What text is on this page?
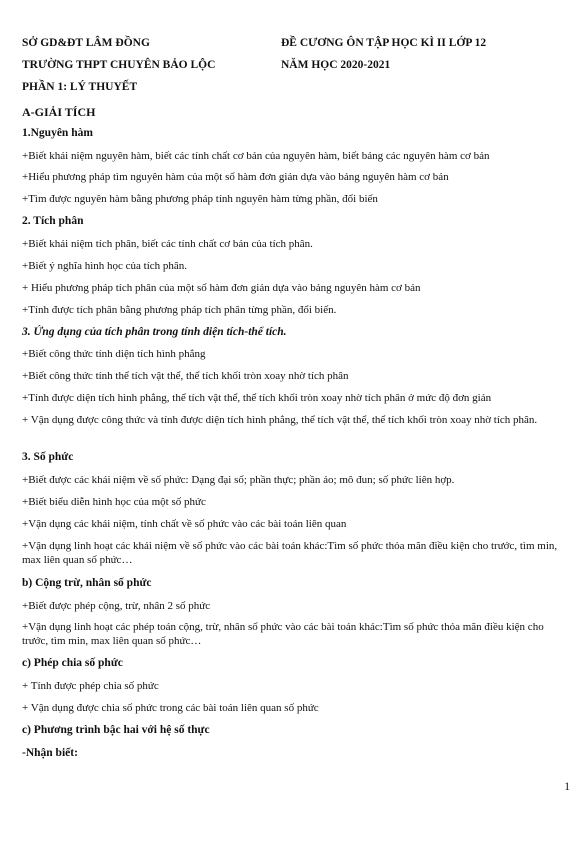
SỞ GD&ĐT LÂM ĐỒNG	ĐỀ CƯƠNG ÔN TẬP HỌC KÌ II LỚP 12
TRƯỜNG THPT CHUYÊN BẢO LỘC	NĂM HỌC 2020-2021
PHẦN 1: LÝ THUYẾT
A-GIẢI TÍCH
1.Nguyên hàm
+Biết khái niệm nguyên hàm, biết các tính chất cơ bản của nguyên hàm, biết bảng các nguyên hàm cơ bản
+Hiểu phương pháp tìm nguyên hàm của một số hàm đơn giản dựa vào bảng nguyên hàm cơ bản
+Tìm được nguyên hàm bằng phương pháp tính nguyên hàm từng phần, đổi biến
2. Tích phân
+Biết khái niệm tích phân, biết các tính chất cơ bản của tích phân.
+Biết ý nghĩa hình học của tích phân.
+ Hiểu phương pháp tích phân của một số hàm đơn giản dựa vào bảng nguyên hàm cơ bản
+Tính được tích phân bằng phương pháp tích phân từng phần, đổi biến.
3. Ứng dụng của tích phân trong tính diện tích-thể tích.
+Biết công thức tính diện tích hình phẳng
+Biết công thức tính thể tích vật thể, thể tích khối tròn xoay nhờ tích phân
+Tính được diện tích hình phẳng, thể tích vật thể, thể tích khối tròn xoay nhờ tích phân ở mức độ đơn giản
+ Vận dụng được công thức và tính được diện tích hình phẳng, thể tích vật thể, thể tích khối tròn xoay nhờ tích phân.
3. Số phức
+Biết được các khái niệm về số phức: Dạng đại số; phần thực; phần ảo; mô đun; số phức liên hợp.
+Biết biểu diễn hình học của một số phức
+Vận dụng các khái niệm, tính chất về số phức vào các bài toán liên quan
+Vận dụng linh hoạt các khái niệm về số phức vào các bài toán khác:Tìm số phức thỏa mãn điều kiện cho trước, tìm min, max liên quan số phức…
b) Cộng trừ, nhân số phức
+Biết được phép cộng, trừ, nhân 2 số phức
+Vận dụng linh hoạt các phép toán cộng, trừ, nhân số phức vào các bài toán khác:Tìm số phức thỏa mãn điều kiện cho trước, tìm min, max liên quan số phức…
c) Phép chia số phức
+ Tính được phép chia số phức
+ Vận dụng được chia số phức trong các bài toán liên quan số phức
c) Phương trình bậc hai với hệ số thực
-Nhận biết:
1
